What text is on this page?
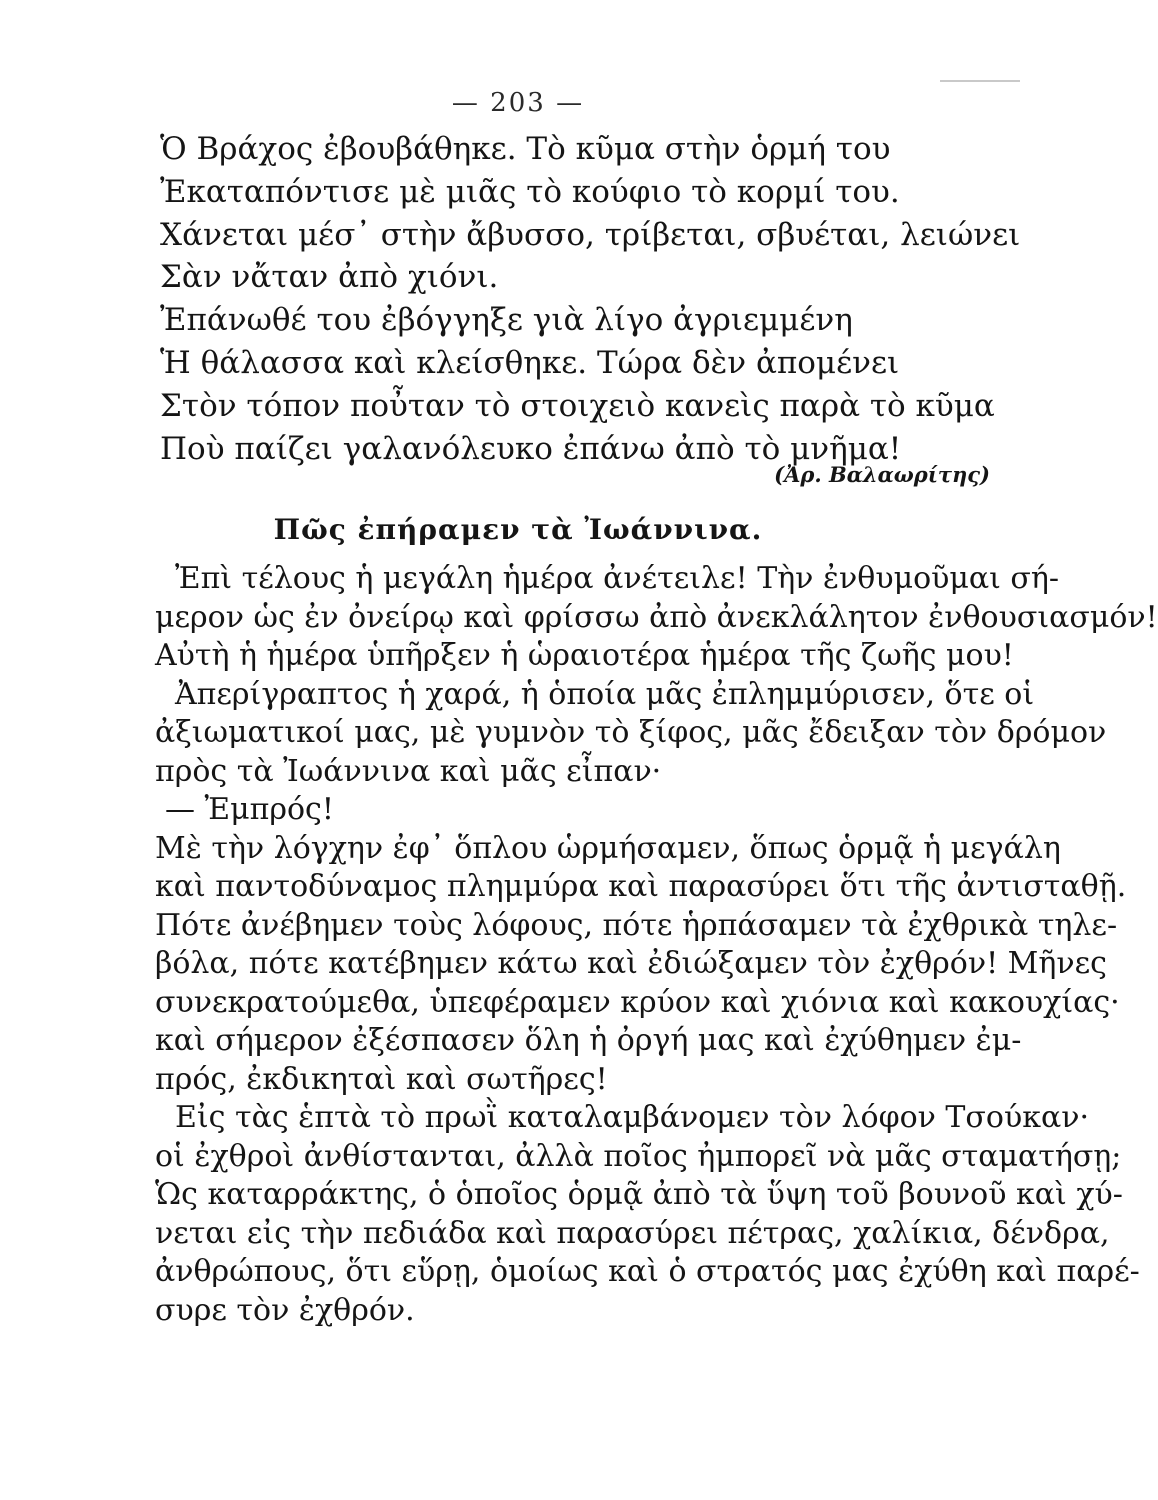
— 203 —
Ὁ Βράχος ἐβουβάθηκε. Τὸ κῦμα στὴν ὁρμή του
Ἐκαταπόντισε μὲ μιᾶς τὸ κούφιο τὸ κορμί του.
Χάνεται μέσ᾿ στὴν ἄβυσσο, τρίβεται, σβυέται, λειώνει
Σὰν νἄταν ἀπὸ χιόνι.
Ἐπάνωθέ του ἐβόγγηξε γιὰ λίγο ἀγριεμμένη
Ἡ θάλασσα καὶ κλείσθηκε. Τώρα δὲν ἀπομένει
Στὸν τόπον ποὖταν τὸ στοιχειὸ κανεὶς παρὰ τὸ κῦμα
Ποὺ παίζει γαλανόλευκο ἐπάνω ἀπὸ τὸ μνῆμα!
(Ἀρ. Βαλαωρίτης)
Πῶς ἐπήραμεν τὰ Ἰωάννινα.
Ἐπὶ τέλους ἡ μεγάλη ἡμέρα ἀνέτειλε! Τὴν ἐνθυμοῦμαι σή-
μερον ὡς ἐν ὀνείρῳ καὶ φρίσσω ἀπὸ ἀνεκλάλητον ἐνθουσιασμόν!
Αὐτὴ ἡ ἡμέρα ὑπῆρξεν ἡ ὡραιοτέρα ἡμέρα τῆς ζωῆς μου!
Ἀπερίγραπτος ἡ χαρά, ἡ ὁποία μᾶς ἐπλημμύρισεν, ὅτε οἱ
ἀξιωματικοί μας, μὲ γυμνὸν τὸ ξίφος, μᾶς ἔδειξαν τὸν δρόμον
πρὸς τὰ Ἰωάννινα καὶ μᾶς εἶπαν·
— Ἐμπρός!
Μὲ τὴν λόγχην ἐφ᾿ ὅπλου ὡρμήσαμεν, ὅπως ὁρμᾷ ἡ μεγάλη
καὶ παντοδύναμος πλημμύρα καὶ παρασύρει ὅτι τῆς ἀντισταθῇ.
Πότε ἀνέβημεν τοὺς λόφους, πότε ἡρπάσαμεν τὰ ἐχθρικὰ τηλε-
βόλα, πότε κατέβημεν κάτω καὶ ἐδιώξαμεν τὸν ἐχθρόν! Μῆνες
συνεκρατούμεθα, ὑπεφέραμεν κρύον καὶ χιόνια καὶ κακουχίας·
καὶ σήμερον ἐξέσπασεν ὅλη ἡ ὀργή μας καὶ ἐχύθημεν ἐμ-
πρός, ἐκδικηταὶ καὶ σωτῆρες!
Εἰς τὰς ἑπτὰ τὸ πρωῒ καταλαμβάνομεν τὸν λόφον Τσούκαν·
οἱ ἐχθροὶ ἀνθίστανται, ἀλλὰ ποῖος ἠμπορεῖ νὰ μᾶς σταματήσῃ;
Ὡς καταρράκτης, ὁ ὁποῖος ὁρμᾷ ἀπὸ τὰ ὕψη τοῦ βουνοῦ καὶ χύ-
νεται εἰς τὴν πεδιάδα καὶ παρασύρει πέτρας, χαλίκια, δένδρα,
ἀνθρώπους, ὅτι εὕρῃ, ὁμοίως καὶ ὁ στρατός μας ἐχύθη καὶ παρέ-
συρε τὸν ἐχθρόν.
